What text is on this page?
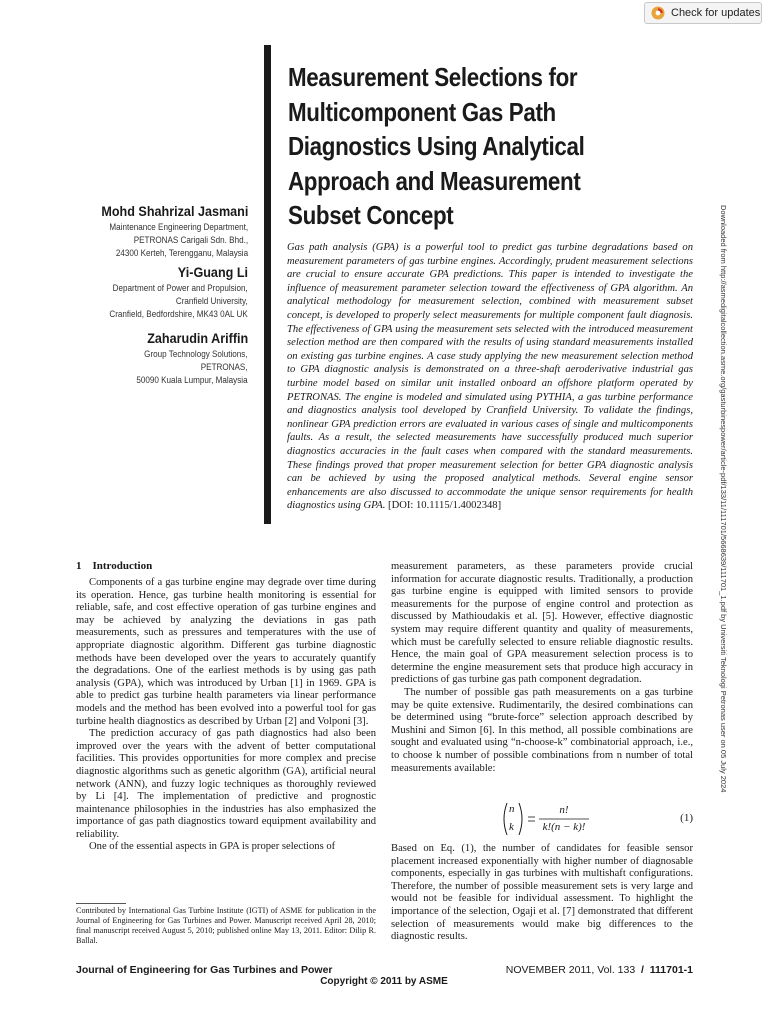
Check for updates
Measurement Selections for
Multicomponent Gas Path
Diagnostics Using Analytical
Approach and Measurement
Subset Concept
Mohd Shahrizal Jasmani
Maintenance Engineering Department,
PETRONAS Carigali Sdn. Bhd.,
24300 Kerteh, Terengganu, Malaysia
Yi-Guang Li
Department of Power and Propulsion,
Cranfield University,
Cranfield, Bedfordshire, MK43 0AL UK
Zaharudin Ariffin
Group Technology Solutions,
PETRONAS,
50090 Kuala Lumpur, Malaysia
Gas path analysis (GPA) is a powerful tool to predict gas turbine degradations based on measurement parameters of gas turbine engines. Accordingly, prudent measurement selections are crucial to ensure accurate GPA predictions. This paper is intended to investigate the influence of measurement parameter selection toward the effectiveness of GPA algorithm. An analytical methodology for measurement selection, combined with measurement subset concept, is developed to properly select measurements for multiple component fault diagnosis. The effectiveness of GPA using the measurement sets selected with the introduced measurement selection method are then compared with the results of using standard measurements installed on existing gas turbine engines. A case study applying the new measurement selection method to GPA diagnostic analysis is demonstrated on a three-shaft aeroderivative industrial gas turbine model based on similar unit installed onboard an offshore platform operated by PETRONAS. The engine is modeled and simulated using PYTHIA, a gas turbine performance and diagnostics analysis tool developed by Cranfield University. To validate the findings, nonlinear GPA prediction errors are evaluated in various cases of single and multicomponents faults. As a result, the selected measurements have successfully produced much superior diagnostics accuracies in the fault cases when compared with the standard measurements. These findings proved that proper measurement selection for better GPA diagnostic analysis can be achieved by using the proposed analytical methods. Several engine sensor enhancements are also discussed to accommodate the unique sensor requirements for health diagnostics using GPA. [DOI: 10.1115/1.4002348]	Downloaded from http://asmedigitalcollection.asme.org/gasturbinespower/article-pdf/133/11/111701/5668639/111701_1.pdf by Universiti Teknologi Petronas user on 05 July 2024
1 Introduction

Components of a gas turbine engine may degrade over time during its operation. Hence, gas turbine health monitoring is essential for reliable, safe, and cost effective operation of gas turbine engines and may be achieved by analyzing the deviations in gas path measurements, such as pressures and temperatures with the use of appropriate diagnostic algorithm. Different gas turbine diagnostic methods have been developed over the years to accurately quantify the degradations. One of the earliest methods is by using gas path analysis (GPA), which was introduced by Urban [1] in 1969. GPA is able to predict gas turbine health parameters via linear performance models and the method has been evolved into a powerful tool for gas turbine health diagnostics as described by Urban [2] and Volponi [3].

The prediction accuracy of gas path diagnostics had also been improved over the years with the advent of better computational facilities. This provides opportunities for more complex and precise diagnostic algorithms such as genetic algorithm (GA), artificial neural network (ANN), and fuzzy logic techniques as thoroughly reviewed by Li [4]. The implementation of predictive and prognostic maintenance philosophies in the industries has also emphasized the importance of gas path diagnostics toward equipment availability and reliability.

One of the essential aspects in GPA is proper selections of

measurement parameters, as these parameters provide crucial information for accurate diagnostic results. Traditionally, a production gas turbine engine is equipped with limited sensors to provide measurements for the purpose of engine control and protection as discussed by Mathioudakis et al. [5]. However, effective diagnostic system may require different quantity and quality of measurements, which must be carefully selected to ensure reliable diagnostic results. Hence, the main goal of GPA measurement selection process is to determine the engine measurement sets that produce high accuracy in predictions of gas turbine gas path component degradation.

The number of possible gas path measurements on a gas turbine may be quite extensive. Rudimentarily, the desired combinations can be determined using “brute-force” selection approach described by Mushini and Simon [6]. In this method, all possible combinations are sought and evaluated using “n-choose-k” combinatorial approach, i.e., to choose k number of possible combinations from n number of total measurements available:

n
k
n!
k!(n − k)!
(1)

Based on Eq. (1), the number of candidates for feasible sensor placement increased exponentially with higher number of diagnosable components, especially in gas turbines with multishaft configurations. Therefore, the number of possible measurement sets is very large and would not be feasible for individual assessment. To highlight the importance of the selection, Ogaji et al. [7] demonstrated that different selection of measurements would make big differences to the diagnostic results.

Contributed by International Gas Turbine Institute (IGTI) of ASME for publication in the Journal of Engineering for Gas Turbines and Power. Manuscript received April 28, 2010; final manuscript received August 5, 2010; published online May 13, 2011. Editor: Dilip R. Ballal.
Journal of Engineering for Gas Turbines and Power	NOVEMBER 2011, Vol. 133 / 111701-1
Copyright © 2011 by ASME
